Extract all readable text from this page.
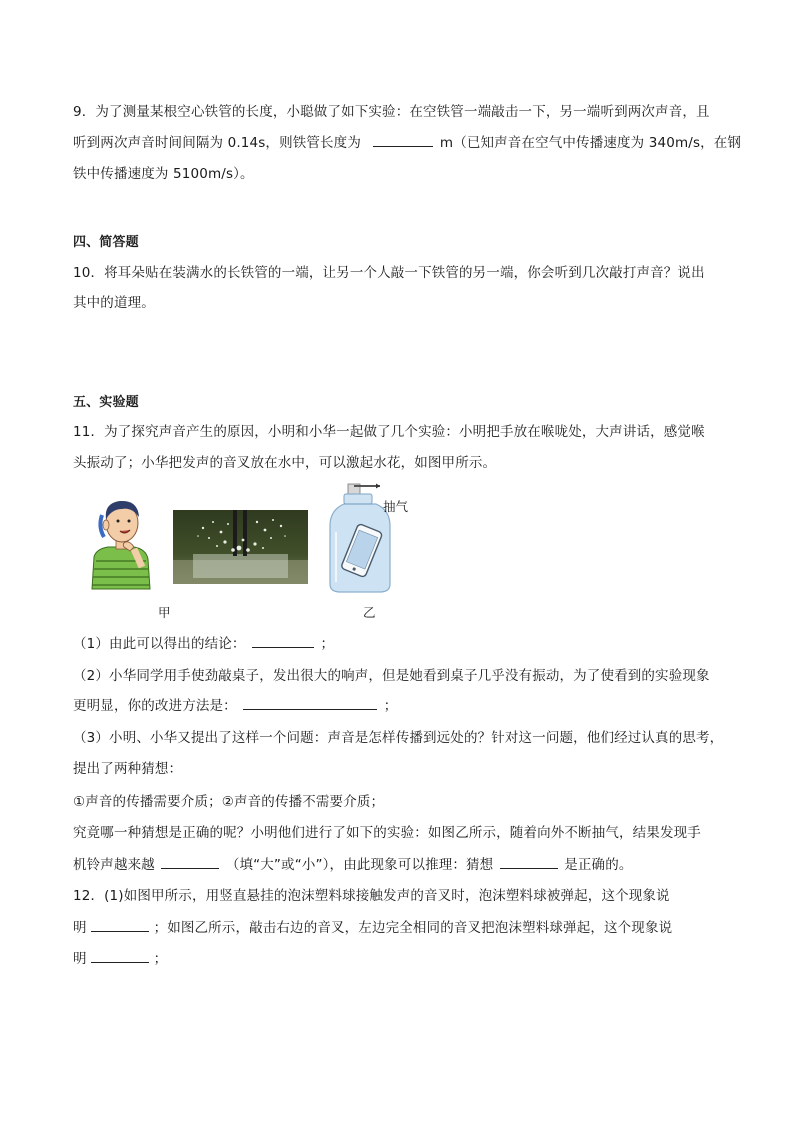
9．为了测量某根空心铁管的长度，小聪做了如下实验：在空铁管一端敲击一下，另一端听到两次声音，且
听到两次声音时间间隔为 0.14s，则铁管长度为	m（已知声音在空气中传播速度为 340m/s，在钢
铁中传播速度为 5100m/s）。
四、简答题
10．将耳朵贴在装满水的长铁管的一端，让另一个人敲一下铁管的另一端，你会听到几次敲打声音？说出
其中的道理。
五、实验题
11．为了探究声音产生的原因，小明和小华一起做了几个实验：小明把手放在喉咙处，大声讲话，感觉喉
头振动了；小华把发声的音叉放在水中，可以激起水花，如图甲所示。
抽气
甲	乙
（1）由此可以得出的结论：	；
（2）小华同学用手使劲敲桌子，发出很大的响声，但是她看到桌子几乎没有振动，为了使看到的实验现象
更明显，你的改进方法是：	；
（3）小明、小华又提出了这样一个问题：声音是怎样传播到远处的？针对这一问题，他们经过认真的思考，
提出了两种猜想：
①声音的传播需要介质；②声音的传播不需要介质；
究竟哪一种猜想是正确的呢？小明他们进行了如下的实验：如图乙所示，随着向外不断抽气，结果发现手
机铃声越来越	（填“大”或“小”），由此现象可以推理：猜想	是正确的。
12．(1)如图甲所示，用竖直悬挂的泡沫塑料球接触发声的音叉时，泡沫塑料球被弹起，这个现象说
明	；如图乙所示，敲击右边的音叉，左边完全相同的音叉把泡沫塑料球弹起，这个现象说
明	；
